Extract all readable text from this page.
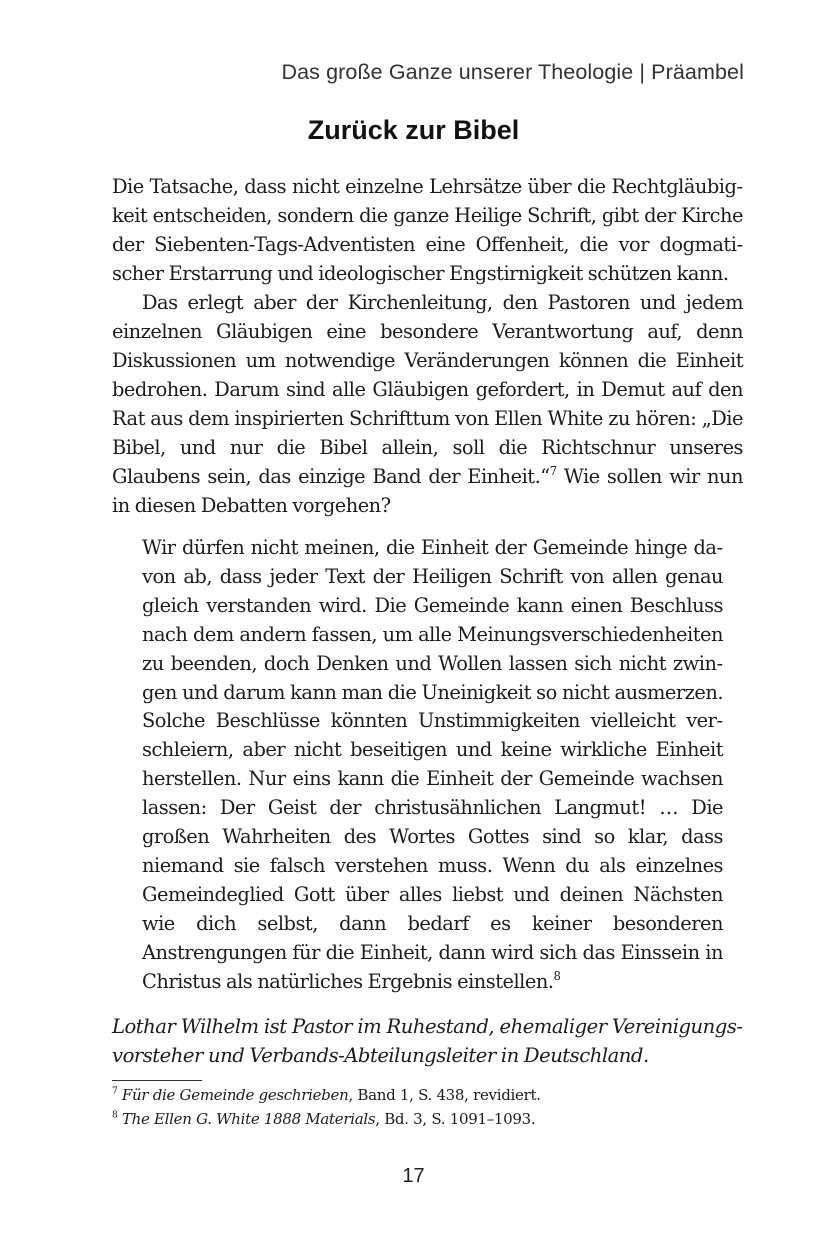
Das große Ganze unserer Theologie | Präambel
Zurück zur Bibel

Die Tatsache, dass nicht einzelne Lehrsätze über die Rechtgläubigkeit entscheiden, sondern die ganze Heilige Schrift, gibt der Kirche der Siebenten-Tags-Adventisten eine Offenheit, die vor dogmatischer Erstarrung und ideologischer Engstirnigkeit schützen kann.

Das erlegt aber der Kirchenleitung, den Pastoren und jedem einzelnen Gläubigen eine besondere Verantwortung auf, denn Diskussionen um notwendige Veränderungen können die Einheit bedrohen. Darum sind alle Gläubigen gefordert, in Demut auf den Rat aus dem inspirierten Schrifttum von Ellen White zu hören: „Die Bibel, und nur die Bibel allein, soll die Richtschnur unseres Glaubens sein, das einzige Band der Einheit.“$^7$ Wie sollen wir nun in diesen Debatten vorgehen?

Wir dürfen nicht meinen, die Einheit der Gemeinde hinge davon ab, dass jeder Text der Heiligen Schrift von allen genau gleich verstanden wird. Die Gemeinde kann einen Beschluss nach dem andern fassen, um alle Meinungsverschiedenheiten zu beenden, doch Denken und Wollen lassen sich nicht zwingen und darum kann man die Uneinigkeit so nicht ausmerzen. Solche Beschlüsse könnten Unstimmigkeiten vielleicht verschleiern, aber nicht beseitigen und keine wirkliche Einheit herstellen. Nur eins kann die Einheit der Gemeinde wachsen lassen: Der Geist der christusähnlichen Langmut! … Die großen Wahrheiten des Wortes Gottes sind so klar, dass niemand sie falsch verstehen muss. Wenn du als einzelnes Gemeindeglied Gott über alles liebst und deinen Nächsten wie dich selbst, dann bedarf es keiner besonderen Anstrengungen für die Einheit, dann wird sich das Einssein in Christus als natürliches Ergebnis einstellen.$^8$

Lothar Wilhelm ist Pastor im Ruhestand, ehemaliger Vereinigungsvorsteher und Verbands-Abteilungsleiter in Deutschland.

$^7$ Für die Gemeinde geschrieben, Band 1, S. 438, revidiert.
$^8$ The Ellen G. White 1888 Materials, Bd. 3, S. 1091–1093.
17
